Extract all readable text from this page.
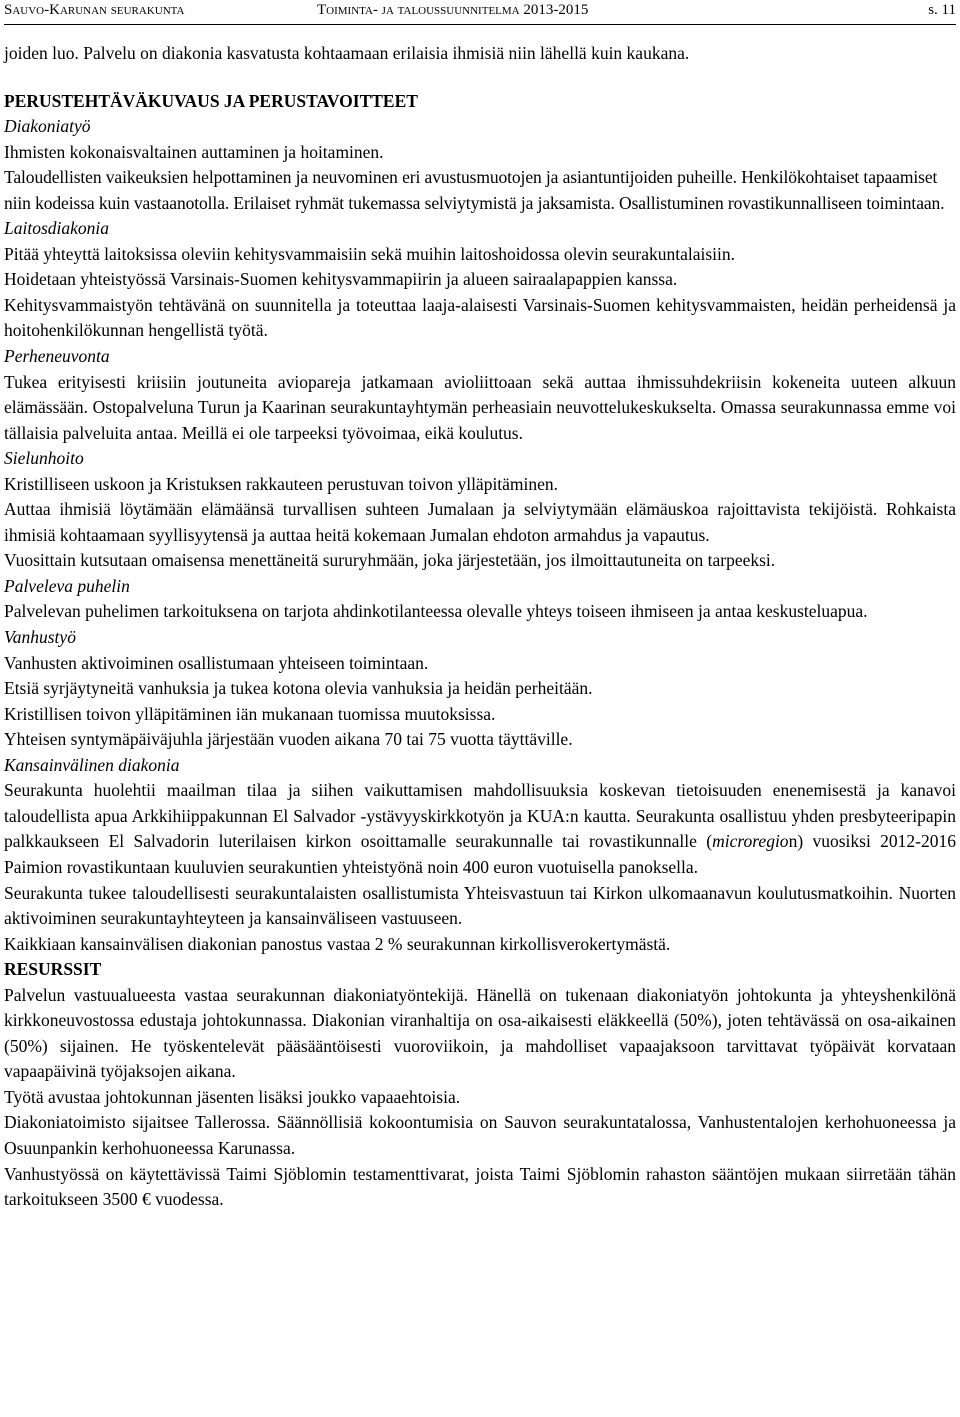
Sauvo-Karunan seurakunta	Toiminta- ja taloussuunnitelma 2013-2015	s. 11

joiden luo. Palvelu on diakonia kasvatusta kohtaamaan erilaisia ihmisiä niin lähellä kuin kaukana.

PERUSTEHTÄVÄKUVAUS JA PERUSTAVOITTEET

Diakoniatyö

Ihmisten kokonaisvaltainen auttaminen ja hoitaminen.

Taloudellisten vaikeuksien helpottaminen ja neuvominen eri avustusmuotojen ja asiantuntijoiden puheille. Henkilökohtaiset tapaamiset niin kodeissa kuin vastaanotolla. Erilaiset ryhmät tukemassa selviytymistä ja jaksamista. Osallistuminen rovastikunnalliseen toimintaan.

Laitosdiakonia

Pitää yhteyttä laitoksissa oleviin kehitysvammaisiin sekä muihin laitoshoidossa olevin seurakuntalaisiin.

Hoidetaan yhteistyössä Varsinais-Suomen kehitysvammapiirin ja alueen sairaalapappien kanssa.

Kehitysvammaistyön tehtävänä on suunnitella ja toteuttaa laaja-alaisesti Varsinais-Suomen kehitysvammaisten, heidän perheidensä ja hoitohenkilökunnan hengellistä työtä.

Perheneuvonta

Tukea erityisesti kriisiin joutuneita aviopareja jatkamaan avioliittoaan sekä auttaa ihmissuhdekriisin kokeneita uuteen alkuun elämässään. Ostopalveluna Turun ja Kaarinan seurakuntayhtymän perheasiain neuvottelukeskukselta. Omassa seurakunnassa emme voi tällaisia palveluita antaa. Meillä ei ole tarpeeksi työvoimaa, eikä koulutus.

Sielunhoito

Kristilliseen uskoon ja Kristuksen rakkauteen perustuvan toivon ylläpitäminen.

Auttaa ihmisiä löytämään elämäänsä turvallisen suhteen Jumalaan ja selviytymään elämäuskoa rajoittavista tekijöistä. Rohkaista ihmisiä kohtaamaan syyllisyytensä ja auttaa heitä kokemaan Jumalan ehdoton armahdus ja vapautus.

Vuosittain kutsutaan omaisensa menettäneitä sururyhmään, joka järjestetään, jos ilmoittautuneita on tarpeeksi.

Palveleva puhelin

Palvelevan puhelimen tarkoituksena on tarjota ahdinkotilanteessa olevalle yhteys toiseen ihmiseen ja antaa keskusteluapua.

Vanhustyö

Vanhusten aktivoiminen osallistumaan yhteiseen toimintaan.

Etsiä syrjäytyneitä vanhuksia ja tukea kotona olevia vanhuksia ja heidän perheitään.

Kristillisen toivon ylläpitäminen iän mukanaan tuomissa muutoksissa.

Yhteisen syntymäpäiväjuhla järjestään vuoden aikana 70 tai 75 vuotta täyttäville.

Kansainvälinen diakonia

Seurakunta huolehtii maailman tilaa ja siihen vaikuttamisen mahdollisuuksia koskevan tietoisuuden enenemisestä ja kanavoi taloudellista apua Arkkihiippakunnan El Salvador -ystävyyskirkkotyön ja KUA:n kautta. Seurakunta osallistuu yhden presbyteeripapin palkkaukseen El Salvadorin luterilaisen kirkon osoittamalle seurakunnalle tai rovastikunnalle (microregion) vuosiksi 2012-2016 Paimion rovastikuntaan kuuluvien seurakuntien yhteistyönä noin 400 euron vuotuisella panoksella.

Seurakunta tukee taloudellisesti seurakuntalaisten osallistumista Yhteisvastuun tai Kirkon ulkomaanavun koulutusmatkoihin. Nuorten aktivoiminen seurakuntayhteyteen ja kansainväliseen vastuuseen.

Kaikkiaan kansainvälisen diakonian panostus vastaa 2 % seurakunnan kirkollisverokertymästä.

RESURSSIT

Palvelun vastuualueesta vastaa seurakunnan diakoniatyöntekijä. Hänellä on tukenaan diakoniatyön johtokunta ja yhteyshenkilönä kirkkoneuvostossa edustaja johtokunnassa. Diakonian viranhaltija on osa-aikaisesti eläkkeellä (50%), joten tehtävässä on osa-aikainen (50%) sijainen. He työskentelevät pääsääntöisesti vuoroviikoin, ja mahdolliset vapaajaksoon tarvittavat työpäivät korvataan vapaapäivinä työjaksojen aikana.

Työtä avustaa johtokunnan jäsenten lisäksi joukko vapaaehtoisia.

Diakoniatoimisto sijaitsee Tallerossa. Säännöllisiä kokoontumisia on Sauvon seurakuntatalossa, Vanhustentalojen kerhohuoneessa ja Osuunpankin kerhohuoneessa Karunassa.

Vanhustyössä on käytettävissä Taimi Sjöblomin testamenttivarat, joista Taimi Sjöblomin rahaston sääntöjen mukaan siirretään tähän tarkoitukseen 3500 € vuodessa.
